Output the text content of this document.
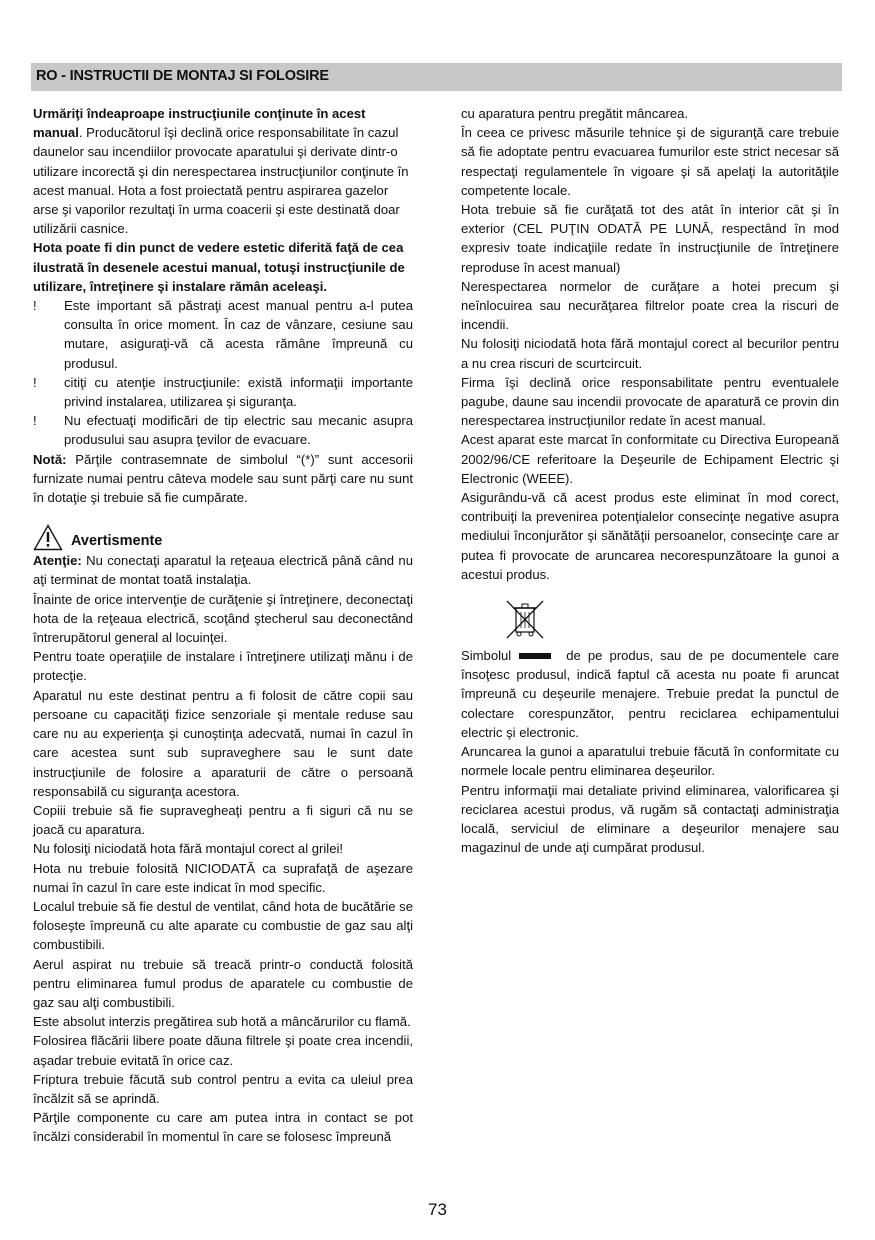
RO - INSTRUCTII DE MONTAJ SI FOLOSIRE

Urmăriţi îndeaproape instrucţiunile conţinute în acest manual. Producătorul îşi declină orice responsabilitate în cazul daunelor sau incendiilor provocate aparatului şi derivate dintr-o utilizare incorectă şi din nerespectarea instrucţiunilor conţinute în acest manual. Hota a fost proiectată pentru aspirarea gazelor arse şi vaporilor rezultaţi în urma coacerii şi este destinată doar utilizării casnice.

Hota poate fi din punct de vedere estetic diferită faţă de cea ilustrată în desenele acestui manual, totuşi instrucţiunile de utilizare, întreţinere şi instalare rămân aceleaşi.

!	Este important să păstraţi acest manual pentru a-l putea consulta în orice moment. În caz de vânzare, cesiune sau mutare, asiguraţi-vă că acesta rămâne împreună cu produsul.
!	citiţi cu atenţie instrucţiunile: există informaţii importante privind instalarea, utilizarea şi siguranţa.
!	Nu efectuaţi modificări de tip electric sau mecanic asupra produsului sau asupra ţevilor de evacuare.

Notă: Părţile contrasemnate de simbolul “(*)” sunt accesorii furnizate numai pentru câteva modele sau sunt părţi care nu sunt în dotaţie şi trebuie să fie cumpărate.

Avertismente

Atenţie: Nu conectaţi aparatul la reţeaua electrică până când nu aţi terminat de montat toată instalaţia.

Înainte de orice intervenţie de curăţenie şi întreţinere, deconectaţi hota de la reţeaua electrică, scoţând ştecherul sau deconectând întrerupătorul general al locuinţei.

Pentru toate operaţiile de instalare i întreţinere utilizaţi mănu i de protecţie.

Aparatul nu este destinat pentru a fi folosit de către copii sau persoane cu capacităţi fizice senzoriale şi mentale reduse sau care nu au experienţa şi cunoştinţa adecvată, numai în cazul în care acestea sunt sub supraveghere sau le sunt date instrucţiunile de folosire a aparaturii de către o persoană responsabilă cu siguranţa acestora.

Copiii trebuie să fie supravegheaţi pentru a fi siguri că nu se joacă cu aparatura.

Nu folosiţi niciodată hota fără montajul corect al grilei!

Hota nu trebuie folosită NICIODATĂ ca suprafaţă de aşezare numai în cazul în care este indicat în mod specific.

Localul trebuie să fie destul de ventilat, când hota de bucătărie se foloseşte împreună cu alte aparate cu combustie de gaz sau alţi combustibili.

Aerul aspirat nu trebuie să treacă printr-o conductă folosită pentru eliminarea fumul produs de aparatele cu combustie de gaz sau alţi combustibili.

Este absolut interzis pregătirea sub hotă a mâncărurilor cu flamă.

Folosirea flăcării libere poate dăuna filtrele şi poate crea incendii, aşadar trebuie evitată în orice caz.

Friptura trebuie făcută sub control pentru a evita ca uleiul prea încălzit să se aprindă.

Părţile componente cu care am putea intra in contact se pot încălzi considerabil în momentul în care se folosesc împreună

cu aparatura pentru pregătit mâncarea.

În ceea ce privesc măsurile tehnice şi de siguranţă care trebuie să fie adoptate pentru evacuarea fumurilor este strict necesar să respectaţi regulamentele în vigoare şi să apelaţi la autorităţile competente locale.

Hota trebuie să fie curăţată tot des atât în interior cât şi în exterior (CEL PUŢIN ODATĂ PE LUNĂ, respectând în mod expresiv toate indicaţiile redate în instrucţiunile de întreţinere reproduse în acest manual)

Nerespectarea normelor de curăţare a hotei precum şi neînlocuirea sau necurăţarea filtrelor poate crea la riscuri de incendii.

Nu folosiţi niciodată hota fără montajul corect al becurilor pentru a nu crea riscuri de scurtcircuit.

Firma îşi declină orice responsabilitate pentru eventualele pagube, daune sau incendii provocate de aparatură ce provin din nerespectarea instrucţiunilor redate în acest manual.

Acest aparat este marcat în conformitate cu Directiva Europeană 2002/96/CE referitoare la Deşeurile de Echipament Electric şi Electronic (WEEE).

Asigurându-vă că acest produs este eliminat în mod corect, contribuiţi la prevenirea potenţialelor consecinţe negative asupra mediului înconjurător şi sănătăţii persoanelor, consecinţe care ar putea fi provocate de aruncarea necorespunzătoare la gunoi a acestui produs.

Simbolul	de pe produs, sau de pe documentele care însoţesc produsul, indică faptul că acesta nu poate fi aruncat împreună cu deşeurile menajere. Trebuie predat la punctul de colectare corespunzător, pentru reciclarea echipamentului electric şi electronic.

Aruncarea la gunoi a aparatului trebuie făcută în conformitate cu normele locale pentru eliminarea deşeurilor.

Pentru informaţii mai detaliate privind eliminarea, valorificarea şi reciclarea acestui produs, vă rugăm să contactaţi administraţia locală, serviciul de eliminare a deşeurilor menajere sau magazinul de unde aţi cumpărat produsul.

73
